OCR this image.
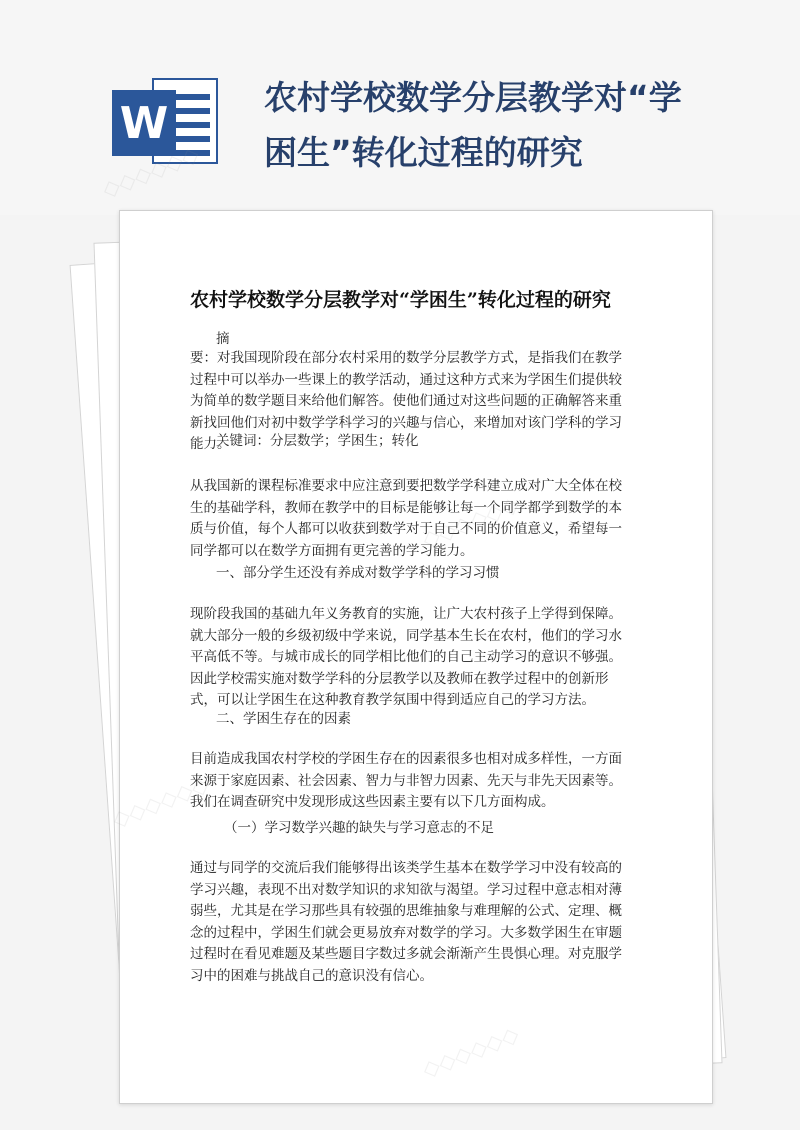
W	农村学校数学分层教学对“学困生”转化过程的研究
农村学校数学分层教学对“学困生”转化过程的研究

摘

要：对我国现阶段在部分农村采用的数学分层教学方式，是指我们在教学过程中可以举办一些课上的教学活动，通过这种方式来为学困生们提供较为简单的数学题目来给他们解答。使他们通过对这些问题的正确解答来重新找回他们对初中数学学科学习的兴趣与信心，来增加对该门学科的学习能力。

关键词：分层数学；学困生；转化

从我国新的课程标准要求中应注意到要把数学学科建立成对广大全体在校生的基础学科，教师在教学中的目标是能够让每一个同学都学到数学的本质与价值，每个人都可以收获到数学对于自己不同的价值意义，希望每一同学都可以在数学方面拥有更完善的学习能力。

一、部分学生还没有养成对数学学科的学习习惯

现阶段我国的基础九年义务教育的实施，让广大农村孩子上学得到保障。就大部分一般的乡级初级中学来说，同学基本生长在农村，他们的学习水平高低不等。与城市成长的同学相比他们的自己主动学习的意识不够强。因此学校需实施对数学学科的分层教学以及教师在教学过程中的创新形式，可以让学困生在这种教育教学氛围中得到适应自己的学习方法。

二、学困生存在的因素

目前造成我国农村学校的学困生存在的因素很多也相对成多样性，一方面来源于家庭因素、社会因素、智力与非智力因素、先天与非先天因素等。我们在调查研究中发现形成这些因素主要有以下几方面构成。

（一）学习数学兴趣的缺失与学习意志的不足

通过与同学的交流后我们能够得出该类学生基本在数学学习中没有较高的学习兴趣，表现不出对数学知识的求知欲与渴望。学习过程中意志相对薄弱些，尤其是在学习那些具有较强的思维抽象与难理解的公式、定理、概念的过程中，学困生们就会更易放弃对数学的学习。大多数学困生在审题过程时在看见难题及某些题目字数过多就会渐渐产生畏惧心理。对克服学习中的困难与挑战自己的意识没有信心。
